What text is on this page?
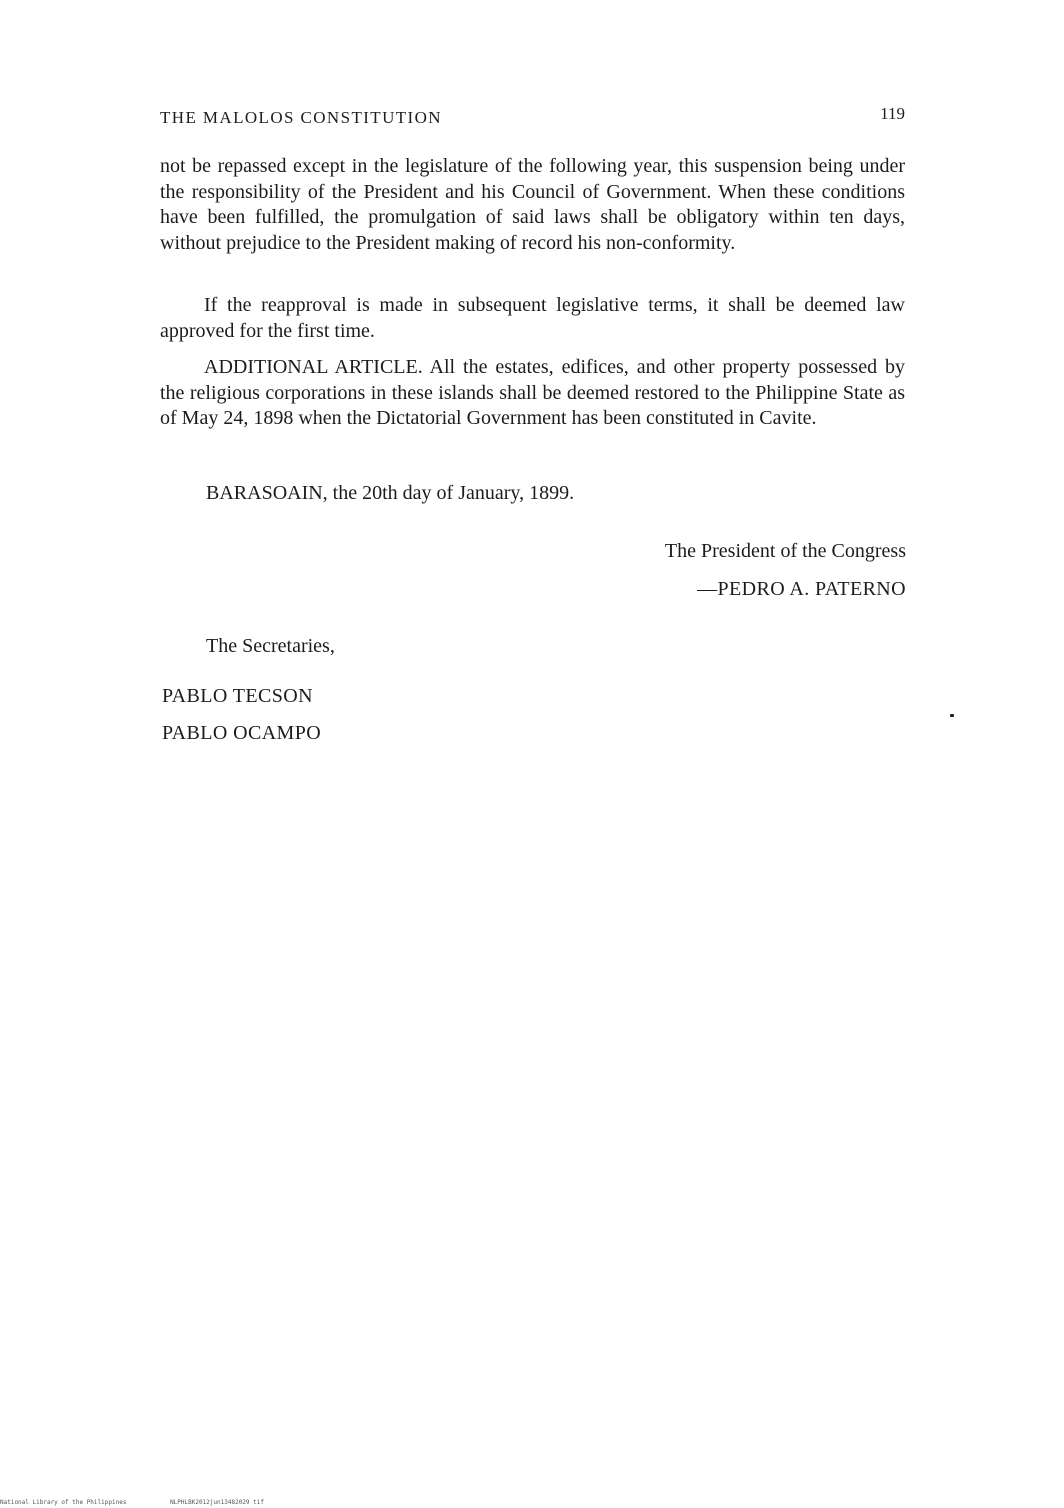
THE MALOLOS CONSTITUTION	119

not be repassed except in the legislature of the following year, this suspension being under the responsibility of the President and his Council of Government. When these conditions have been fulfilled, the promulgation of said laws shall be obligatory within ten days, without prejudice to the President making of record his non-conformity.

If the reapproval is made in subsequent legislative terms, it shall be deemed law approved for the first time.

ADDITIONAL ARTICLE. All the estates, edifices, and other property possessed by the religious corporations in these islands shall be deemed restored to the Philippine State as of May 24, 1898 when the Dictatorial Government has been constituted in Cavite.

BARASOAIN, the 20th day of January, 1899.

The President of the Congress

—PEDRO A. PATERNO

The Secretaries,

PABLO TECSON

PABLO OCAMPO

National Library of the Philippines	NLPHLBK2012jun13482029 tif
